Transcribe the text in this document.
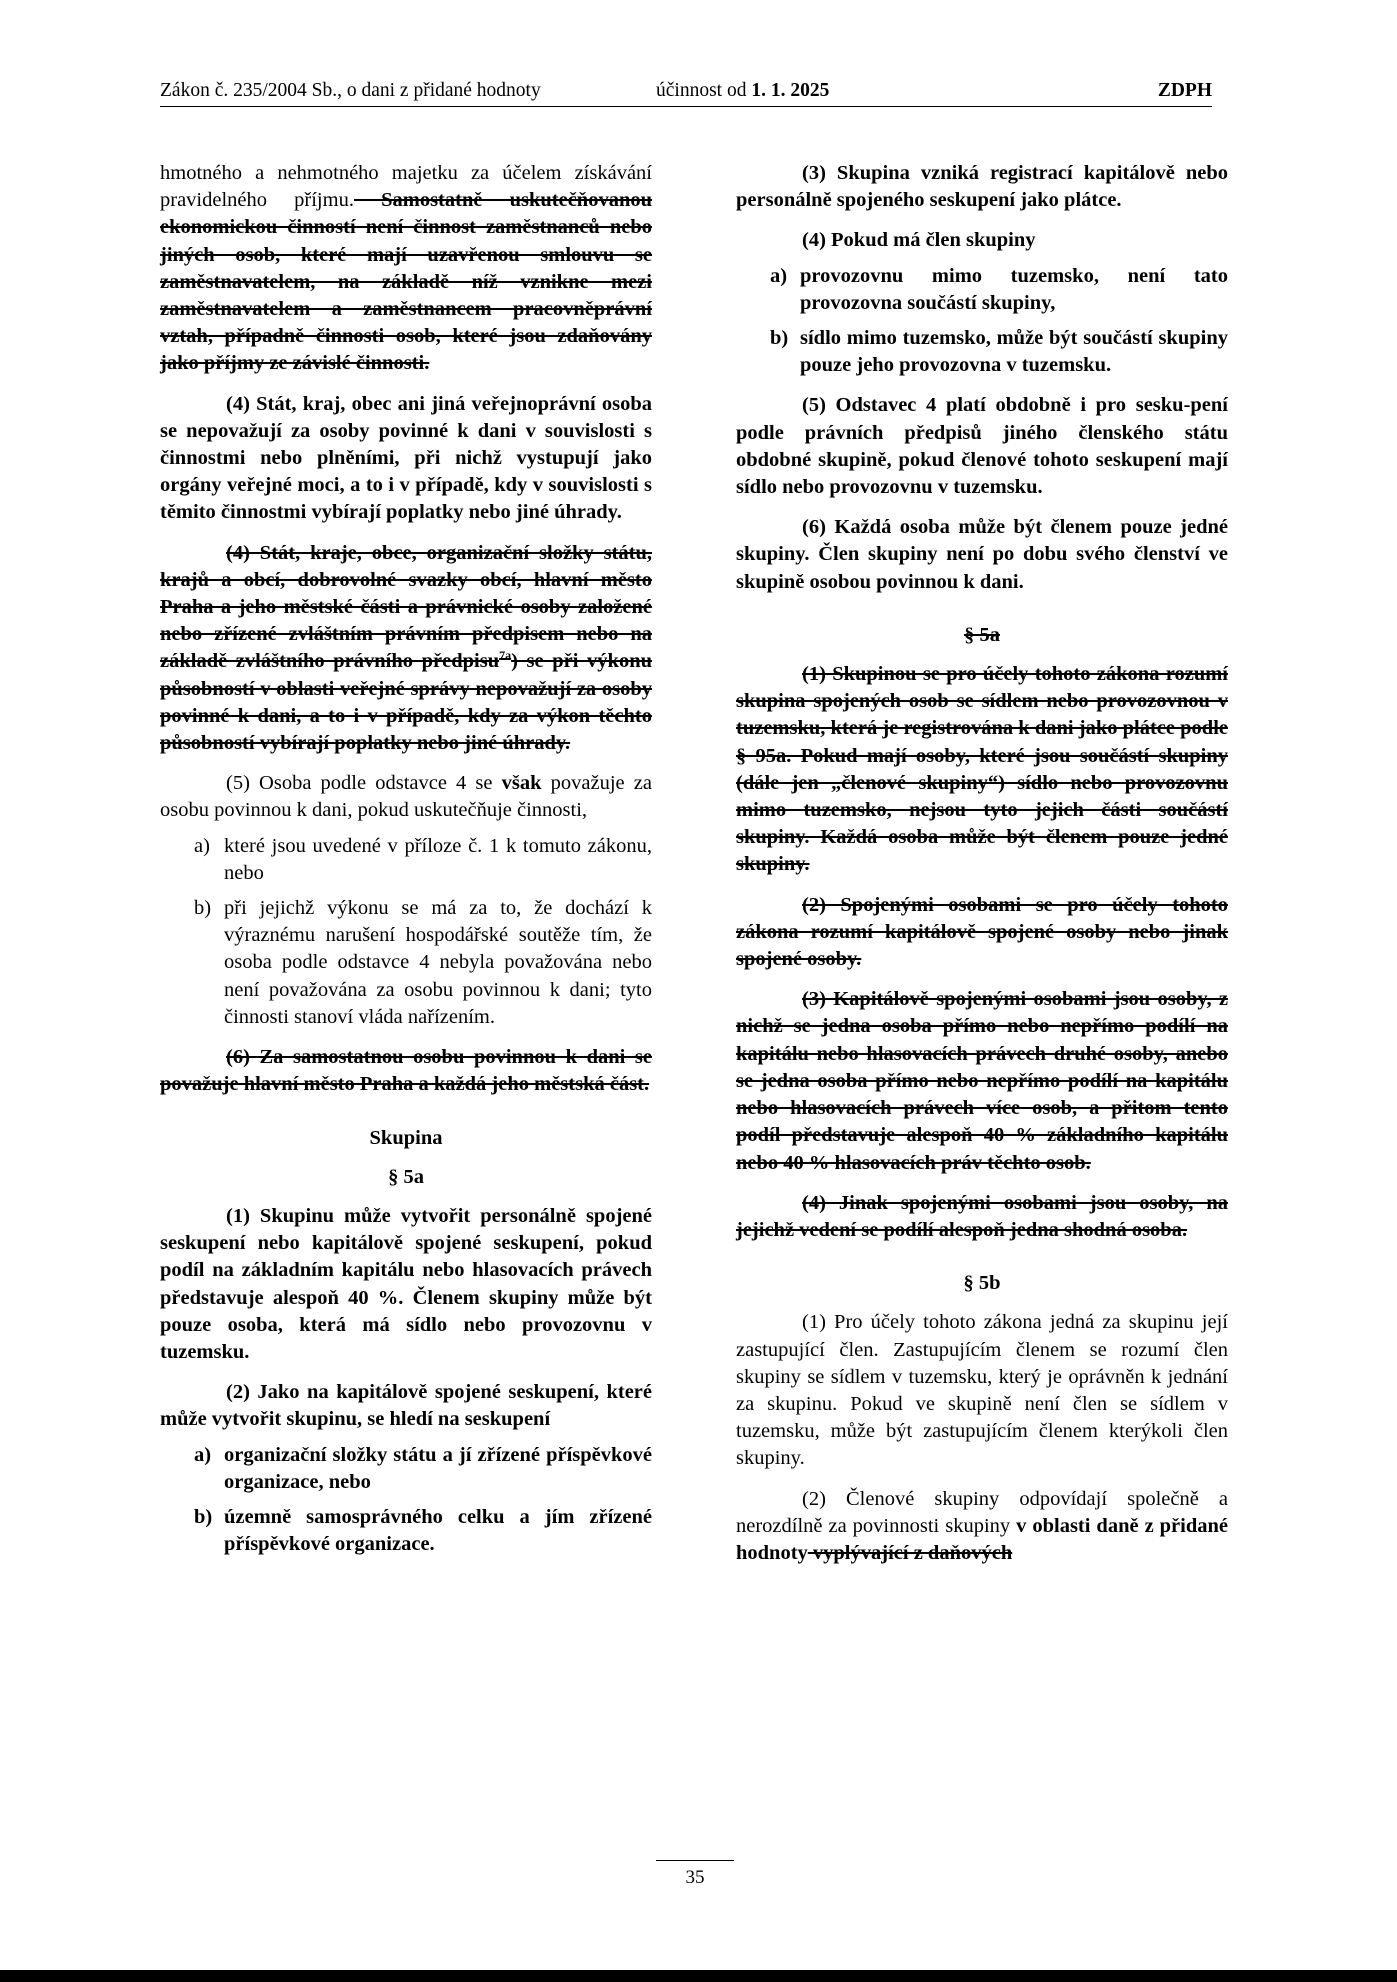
Zákon č. 235/2004 Sb., o dani z přidané hodnoty	účinnost od 1. 1. 2025	ZDPH

hmotného a nehmotného majetku za účelem získávání pravidelného příjmu. Samostatně uskutečňovanou ekonomickou činností není činnost zaměstnanců nebo jiných osob, které mají uzavřenou smlouvu se zaměstnavatelem, na základě níž vzniknе mezi zaměstnavatelem a zaměstnancem pracovněprávní vztah, případně činnosti osob, které jsou zdaňovány jako příjmy ze závislé činnosti.

(4) Stát, kraj, obec ani jiná veřejnoprávní osoba se nepovažují za osoby povinné k dani v souvislosti s činnostmi nebo plněními, při nichž vystupují jako orgány veřejné moci, a to i v případě, kdy v souvislosti s těmito činnostmi vybírají poplatky nebo jiné úhrady.

(4) Stát, kraje, obce, organizační složky státu, krajů a obcí, dobrovolné svazky obcí, hlavní město Praha a jeho městské části a právnické osoby založené nebo zřízené zvláštním právním předpisem nebo na základě zvláštního právního předpisu$^{7a}$) se při výkonu působností v oblasti veřejné správy nepovažují za osoby povinné k dani, a to i v případě, kdy za výkon těchto působností vybírají poplatky nebo jiné úhrady.

(5) Osoba podle odstavce 4 se však považuje za osobu povinnou k dani, pokud uskutečňuje činnosti,

a) které jsou uvedené v příloze č. 1 k tomuto zákonu, nebo
b) při jejichž výkonu se má za to, že dochází k výraznému narušení hospodářské soutěže tím, že osoba podle odstavce 4 nebyla považována nebo není považována za osobu povinnou k dani; tyto činnosti stanoví vláda nařízením.

(6) Za samostatnou osobu povinnou k dani se považuje hlavní město Praha a každá jeho městská část.

Skupina

§ 5a

(1) Skupinu může vytvořit personálně spojené seskupení nebo kapitálově spojené seskupení, pokud podíl na základním kapitálu nebo hlasovacích právech představuje alespoň 40 %. Členem skupiny může být pouze osoba, která má sídlo nebo provozovnu v tuzemsku.

(2) Jako na kapitálově spojené seskupení, které může vytvořit skupinu, se hledí na seskupení

a) organizační složky státu a jí zřízené příspěvkové organizace, nebo
b) územně samosprávného celku a jím zřízené příspěvkové organizace.

(3) Skupina vzniká registrací kapitálově nebo personálně spojeného seskupení jako plátce.

(4) Pokud má člen skupiny

a) provozovnu mimo tuzemsko, není tato provozovna součástí skupiny,
b) sídlo mimo tuzemsko, může být součástí skupiny pouze jeho provozovna v tuzemsku.

(5) Odstavec 4 platí obdobně i pro sesku-pení podle právních předpisů jiného členského státu obdobné skupině, pokud členové tohoto seskupení mají sídlo nebo provozovnu v tuzemsku.

(6) Každá osoba může být členem pouze jedné skupiny. Člen skupiny není po dobu svého členství ve skupině osobou povinnou k dani.

§ 5a

(1) Skupinou se pro účely tohoto zákona rozumí skupina spojených osob se sídlem nebo provozovnou v tuzemsku, která je registrována k dani jako plátce podle § 95a. Pokud mají osoby, které jsou součástí skupiny (dále jen „členové skupiny“) sídlo nebo provozovnu mimo tuzemsko, nejsou tyto jejich části součástí skupiny. Každá osoba může být členem pouze jedné skupiny.

(2) Spojenými osobami se pro účely tohoto zákona rozumí kapitálově spojené osoby nebo jinak spojené osoby.

(3) Kapitálově spojenými osobami jsou osoby, z nichž se jedna osoba přímo nebo nepřímo podílí na kapitálu nebo hlasovacích právech druhé osoby, anebo se jedna osoba přímo nebo nepřímo podílí na kapitálu nebo hlasovacích právech více osob, a přitom tento podíl představuje alespoň 40 % základního kapitálu nebo 40 % hlasovacích práv těchto osob.

(4) Jinak spojenými osobami jsou osoby, na jejichž vedení se podílí alespoň jedna shodná osoba.

§ 5b

(1) Pro účely tohoto zákona jedná za skupinu její zastupující člen. Zastupujícím členem se rozumí člen skupiny se sídlem v tuzemsku, který je oprávněn k jednání za skupinu. Pokud ve skupině není člen se sídlem v tuzemsku, může být zastupujícím členem kterýkoli člen skupiny.

(2) Členové skupiny odpovídají společně a nerozdílně za povinnosti skupiny v oblasti daně z přidané hodnoty vyplývající z daňových

35
